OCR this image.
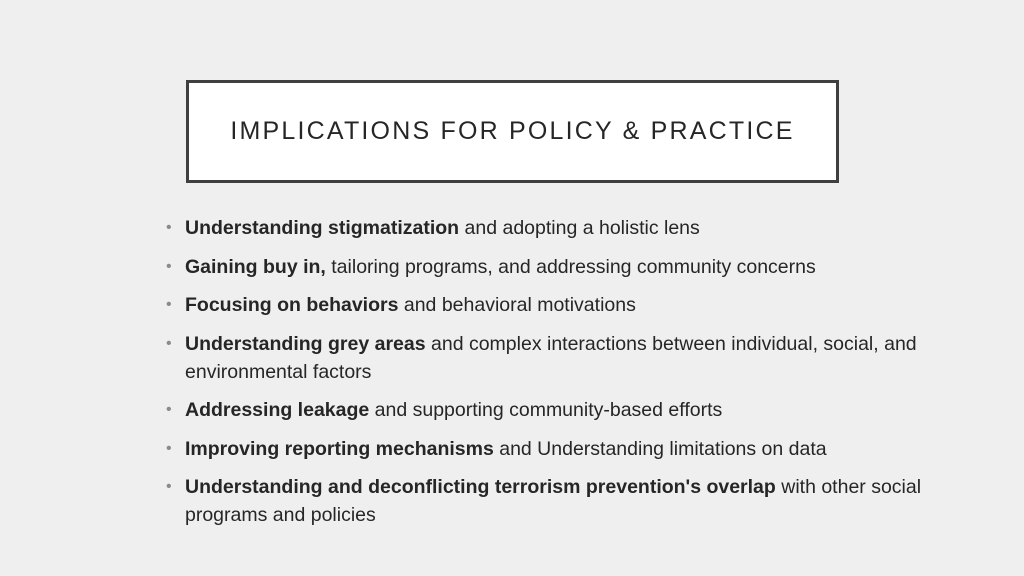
IMPLICATIONS FOR POLICY & PRACTICE
• Understanding stigmatization and adopting a holistic lens
• Gaining buy in, tailoring programs, and addressing community concerns
• Focusing on behaviors and behavioral motivations
• Understanding grey areas and complex interactions between individual, social, and environmental factors
• Addressing leakage and supporting community-based efforts
• Improving reporting mechanisms and Understanding limitations on data
• Understanding and deconflicting terrorism prevention's overlap with other social programs and policies
